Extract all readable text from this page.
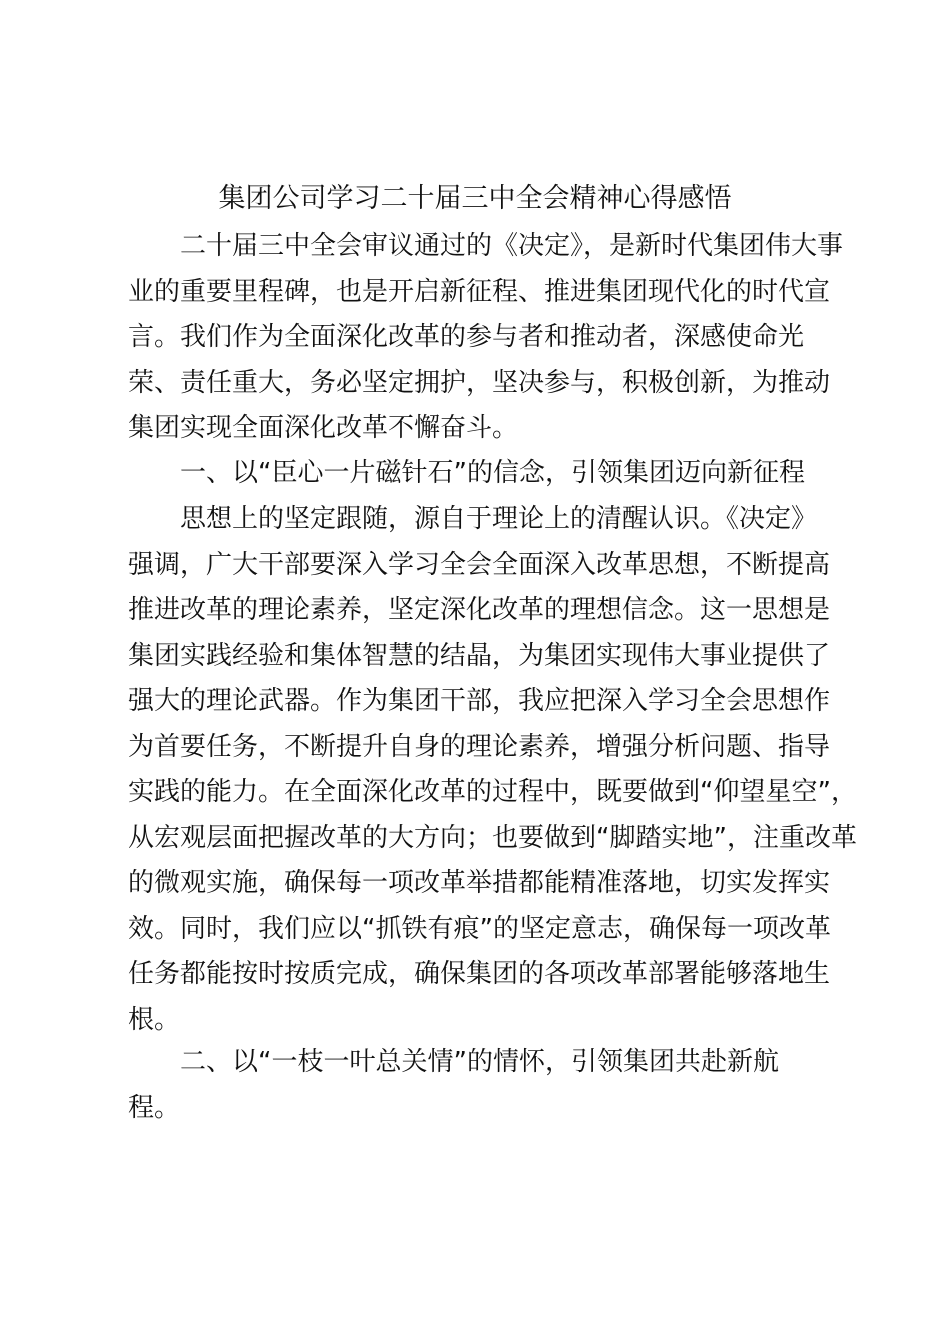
集团公司学习二十届三中全会精神心得感悟
二十届三中全会审议通过的《决定》，是新时代集团伟大事
业的重要里程碑，也是开启新征程、推进集团现代化的时代宣
言。我们作为全面深化改革的参与者和推动者，深感使命光
荣、责任重大，务必坚定拥护，坚决参与，积极创新，为推动
集团实现全面深化改革不懈奋斗。
一、以“臣心一片磁针石”的信念，引领集团迈向新征程
思想上的坚定跟随，源自于理论上的清醒认识。《决定》
强调，广大干部要深入学习全会全面深入改革思想，不断提高
推进改革的理论素养，坚定深化改革的理想信念。这一思想是
集团实践经验和集体智慧的结晶，为集团实现伟大事业提供了
强大的理论武器。作为集团干部，我应把深入学习全会思想作
为首要任务，不断提升自身的理论素养，增强分析问题、指导
实践的能力。在全面深化改革的过程中，既要做到“仰望星空”，
从宏观层面把握改革的大方向；也要做到“脚踏实地”，注重改革
的微观实施，确保每一项改革举措都能精准落地，切实发挥实
效。同时，我们应以“抓铁有痕”的坚定意志，确保每一项改革
任务都能按时按质完成，确保集团的各项改革部署能够落地生
根。
二、以“一枝一叶总关情”的情怀，引领集团共赴新航
程。
